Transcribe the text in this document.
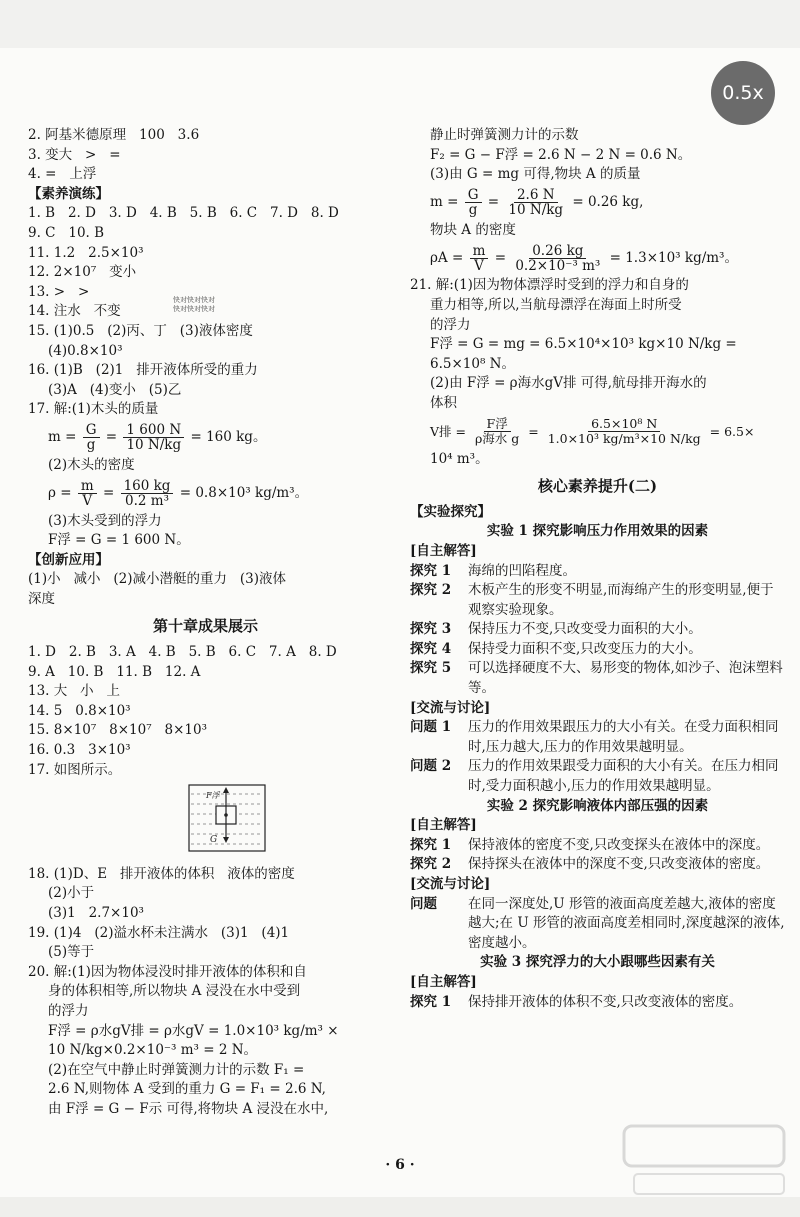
0.5x
2. 阿基米德原理   100   3.6
3. 变大   >   =
4. =   上浮
【素养演练】
1. B   2. D   3. D   4. B   5. B   6. C   7. D   8. D
9. C   10. B
11. 1.2   2.5×10³
12. 2×10⁷   变小
13. >   >
14. 注水   不变
15. (1)0.5   (2)丙、丁   (3)液体密度
(4)0.8×10³
16. (1)B   (2)1   排开液体所受的重力
(3)A   (4)变小   (5)乙
17. 解:(1)木头的质量
$m = \frac{G}{g} = \frac{1 600 N}{10 N/kg} = 160$ kg。
(2)木头的密度
$\rho = \frac{m}{V} = \frac{160 kg}{\text{0.2 m³}} = 0.8\times 10^3$ kg/m³。
(3)木头受到的浮力
F浮 = G = 1 600 N。
【创新应用】
(1)小   减小   (2)减小潜艇的重力   (3)液体
深度
第十章成果展示
1. D   2. B   3. A   4. B   5. B   6. C   7. A   8. D
9. A   10. B   11. B   12. A
13. 大   小   上
14. 5   0.8×10³
15. 8×10⁷   8×10⁷   8×10³
16. 0.3   3×10³
17. 如图所示。
F浮
G
18. (1)D、E   排开液体的体积   液体的密度
(2)小于
(3)1   2.7×10³
19. (1)4   (2)溢水杯未注满水   (3)1   (4)1
(5)等于
20. 解:(1)因为物体浸没时排开液体的体积和自
身的体积相等,所以物块 A 浸没在水中受到
的浮力
F浮 = ρ水gV排 = ρ水gV = 1.0×10³ kg/m³ ×
10 N/kg×0.2×10⁻³ m³ = 2 N。
(2)在空气中静止时弹簧测力计的示数 F₁ =
2.6 N,则物体 A 受到的重力 G = F₁ = 2.6 N,
由 F浮 = G − F示 可得,将物块 A 浸没在水中,
快对快对快对
快对快对快对
静止时弹簧测力计的示数
F₂ = G − F浮 = 2.6 N − 2 N = 0.6 N。
(3)由 G = mg 可得,物块 A 的质量
$m = \frac{G}{g} = \frac{2.6 N}{10 N/kg} = 0.26$ kg,
物块 A 的密度
$\rho A = \frac{m}{V} = \frac{0.26 kg}{\text{0.2×10⁻³ m³}} = 1.3\times 10^3$ kg/m³。
21. 解:(1)因为物体漂浮时受到的浮力和自身的
重力相等,所以,当航母漂浮在海面上时所受
的浮力
F浮 = G = mg = 6.5×10⁴×10³ kg×10 N/kg =
6.5×10⁸ N。
(2)由 F浮 = ρ海水gV排 可得,航母排开海水的
体积
V排 = $\frac{\text{F浮}}{\text{ρ海水 g}} = \frac{\text{6.5×10⁸ N}}{\text{1.0×10³ kg/m³×10 N/kg}} = 6.5\times$
10⁴ m³。
核心素养提升(二)
【实验探究】
实验 1 探究影响压力作用效果的因素
[自主解答]
探究 1	海绵的凹陷程度。
探究 2	木板产生的形变不明显,而海绵产生的形变明显,便于观察实验现象。
探究 3	保持压力不变,只改变受力面积的大小。
探究 4	保持受力面积不变,只改变压力的大小。
探究 5	可以选择硬度不大、易形变的物体,如沙子、泡沫塑料等。
[交流与讨论]
问题 1	压力的作用效果跟压力的大小有关。在受力面积相同时,压力越大,压力的作用效果越明显。
问题 2	压力的作用效果跟受力面积的大小有关。在压力相同时,受力面积越小,压力的作用效果越明显。
实验 2 探究影响液体内部压强的因素
[自主解答]
探究 1	保持液体的密度不变,只改变探头在液体中的深度。
探究 2	保持探头在液体中的深度不变,只改变液体的密度。
[交流与讨论]
问题	在同一深度处,U 形管的液面高度差越大,液体的密度越大;在 U 形管的液面高度差相同时,深度越深的液体,密度越小。
实验 3 探究浮力的大小跟哪些因素有关
[自主解答]
探究 1	保持排开液体的体积不变,只改变液体的密度。
· 6 ·
